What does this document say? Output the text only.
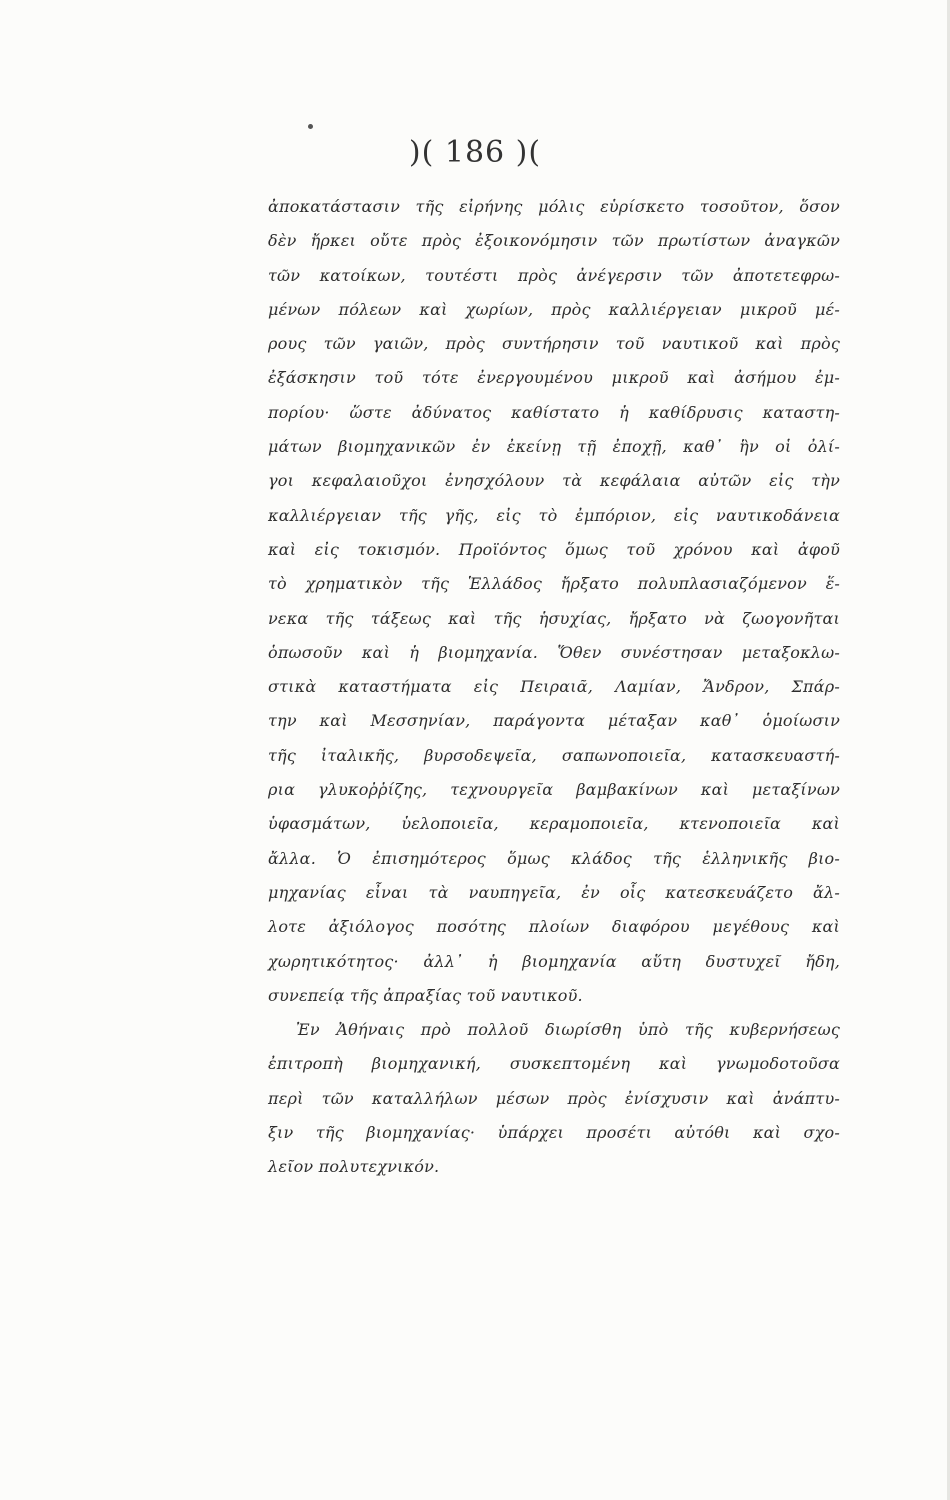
)( 186 )(
ἀποκατάστασιν τῆς εἰρήνης μόλις εὑρίσκετο τοσοῦτον, ὅσον
δὲν ἤρκει οὔτε πρὸς ἐξοικονόμησιν τῶν πρωτίστων ἀναγκῶν
τῶν κατοίκων, τουτέστι πρὸς ἀνέγερσιν τῶν ἀποτετεφρω-
μένων πόλεων καὶ χωρίων, πρὸς καλλιέργειαν μικροῦ μέ-
ρους τῶν γαιῶν, πρὸς συντήρησιν τοῦ ναυτικοῦ καὶ πρὸς
ἐξάσκησιν τοῦ τότε ἐνεργουμένου μικροῦ καὶ ἀσήμου ἐμ-
πορίου· ὥστε ἀδύνατος καθίστατο ἡ καθίδρυσις καταστη-
μάτων βιομηχανικῶν ἐν ἐκείνῃ τῇ ἐποχῇ, καθ᾽ ἣν οἱ ὀλί-
γοι κεφαλαιοῦχοι ἐνησχόλουν τὰ κεφάλαια αὐτῶν εἰς τὴν
καλλιέργειαν τῆς γῆς, εἰς τὸ ἐμπόριον, εἰς ναυτικοδάνεια
καὶ εἰς τοκισμόν. Προϊόντος ὅμως τοῦ χρόνου καὶ ἀφοῦ
τὸ χρηματικὸν τῆς Ἑλλάδος ἤρξατο πολυπλασιαζόμενον ἕ-
νεκα τῆς τάξεως καὶ τῆς ἡσυχίας, ἤρξατο νὰ ζωογονῆται
ὁπωσοῦν καὶ ἡ βιομηχανία. Ὅθεν συνέστησαν μεταξοκλω-
στικὰ καταστήματα εἰς Πειραιᾶ, Λαμίαν, Ἄνδρον, Σπάρ-
την καὶ Μεσσηνίαν, παράγοντα μέταξαν καθ᾽ ὁμοίωσιν
τῆς ἰταλικῆς, βυρσοδεψεῖα, σαπωνοποιεῖα, κατασκευαστή-
ρια γλυκοῤῥίζης, τεχνουργεῖα βαμβακίνων καὶ μεταξίνων
ὑφασμάτων, ὑελοποιεῖα, κεραμοποιεῖα, κτενοποιεῖα καὶ
ἄλλα. Ὁ ἐπισημότερος ὅμως κλάδος τῆς ἑλληνικῆς βιο-
μηχανίας εἶναι τὰ ναυπηγεῖα, ἐν οἷς κατεσκευάζετο ἄλ-
λοτε ἀξιόλογος ποσότης πλοίων διαφόρου μεγέθους καὶ
χωρητικότητος· ἀλλ᾽ ἡ βιομηχανία αὕτη δυστυχεῖ ἤδη,
συνεπείᾳ τῆς ἀπραξίας τοῦ ναυτικοῦ.
Ἐν Ἀθήναις πρὸ πολλοῦ διωρίσθη ὑπὸ τῆς κυβερνήσεως
ἐπιτροπὴ βιομηχανική, συσκεπτομένη καὶ γνωμοδοτοῦσα
περὶ τῶν καταλλήλων μέσων πρὸς ἐνίσχυσιν καὶ ἀνάπτυ-
ξιν τῆς βιομηχανίας· ὑπάρχει προσέτι αὐτόθι καὶ σχο-
λεῖον πολυτεχνικόν.
